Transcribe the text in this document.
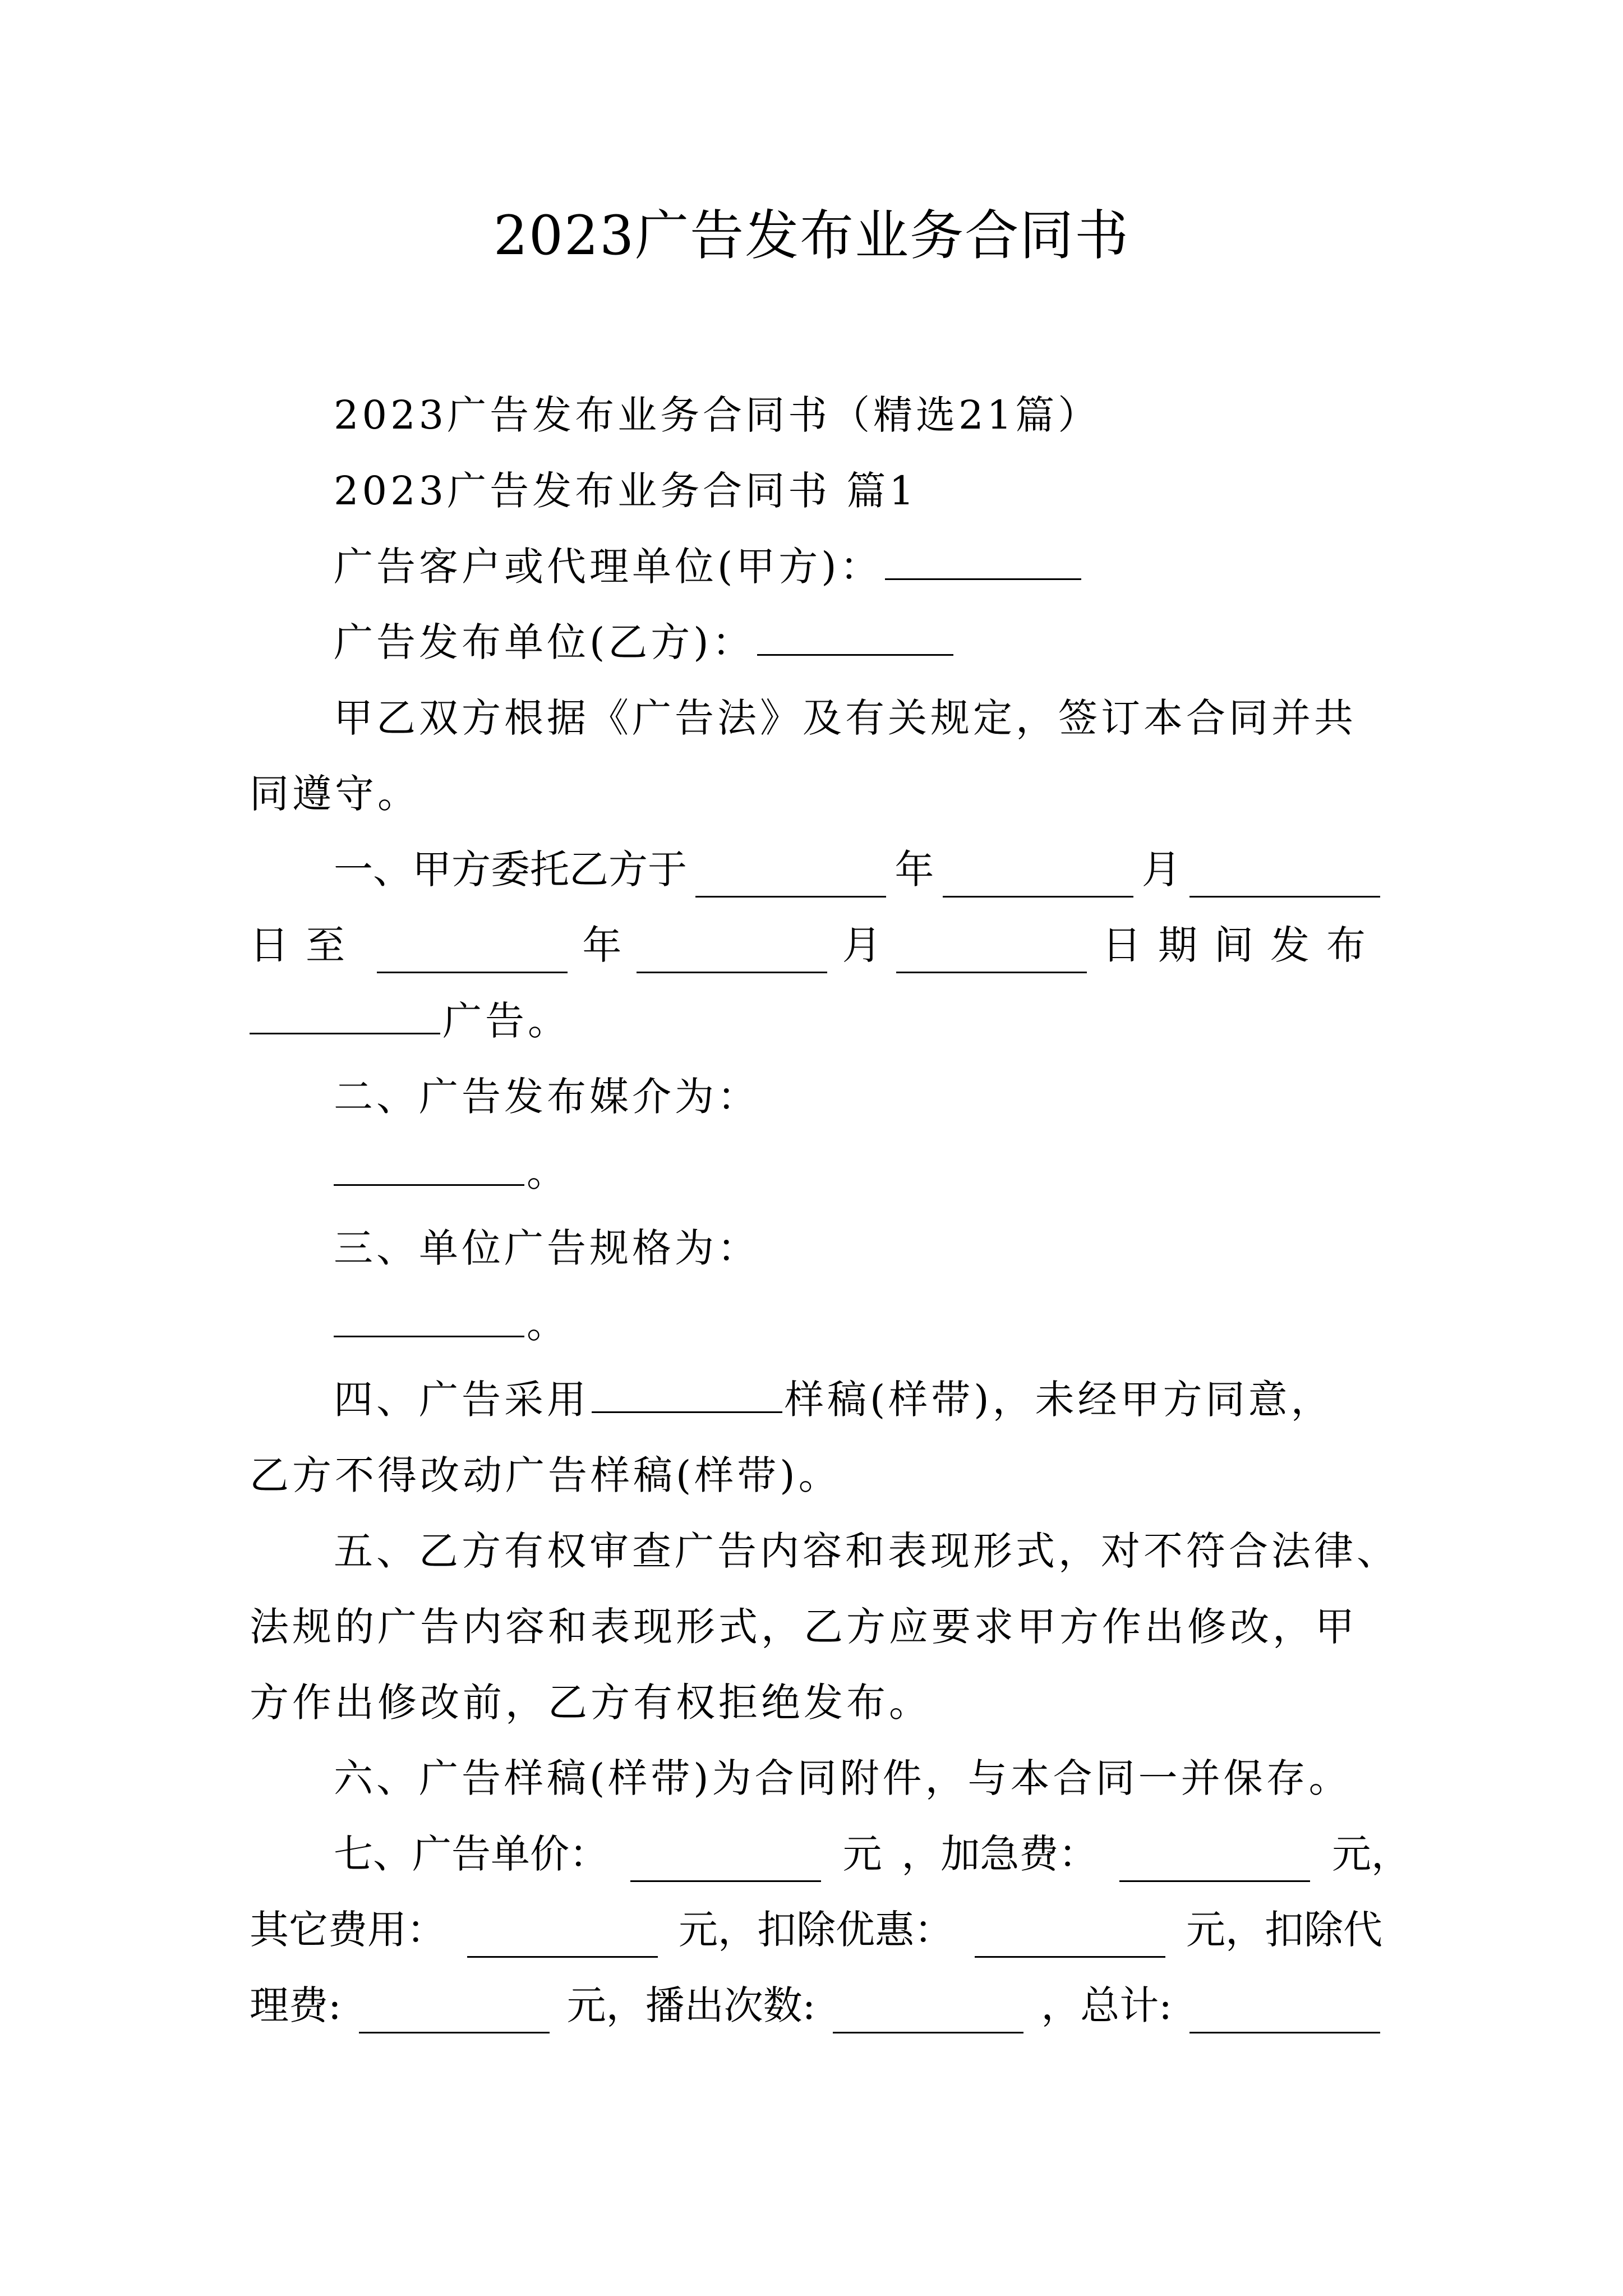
2023广告发布业务合同书
2023广告发布业务合同书（精选21篇）
2023广告发布业务合同书 篇1
广告客户或代理单位(甲方)：
广告发布单位(乙方)：
甲乙双方根据《广告法》及有关规定，签订本合同并共
同遵守。
一、甲方委托乙方于	年	月
日至	年	月	日期间发布
广告。
二、广告发布媒介为：
。
三、单位广告规格为：
。
四、广告采用	样稿(样带)，未经甲方同意，
乙方不得改动广告样稿(样带)。
五、乙方有权审查广告内容和表现形式，对不符合法律、
法规的广告内容和表现形式，乙方应要求甲方作出修改，甲
方作出修改前，乙方有权拒绝发布。
六、广告样稿(样带)为合同附件，与本合同一并保存。
七、广告单价：	元 ，加急费：	元，
其它费用：	元，扣除优惠：	元，扣除代
理费:	元，播出次数:	，总计:
